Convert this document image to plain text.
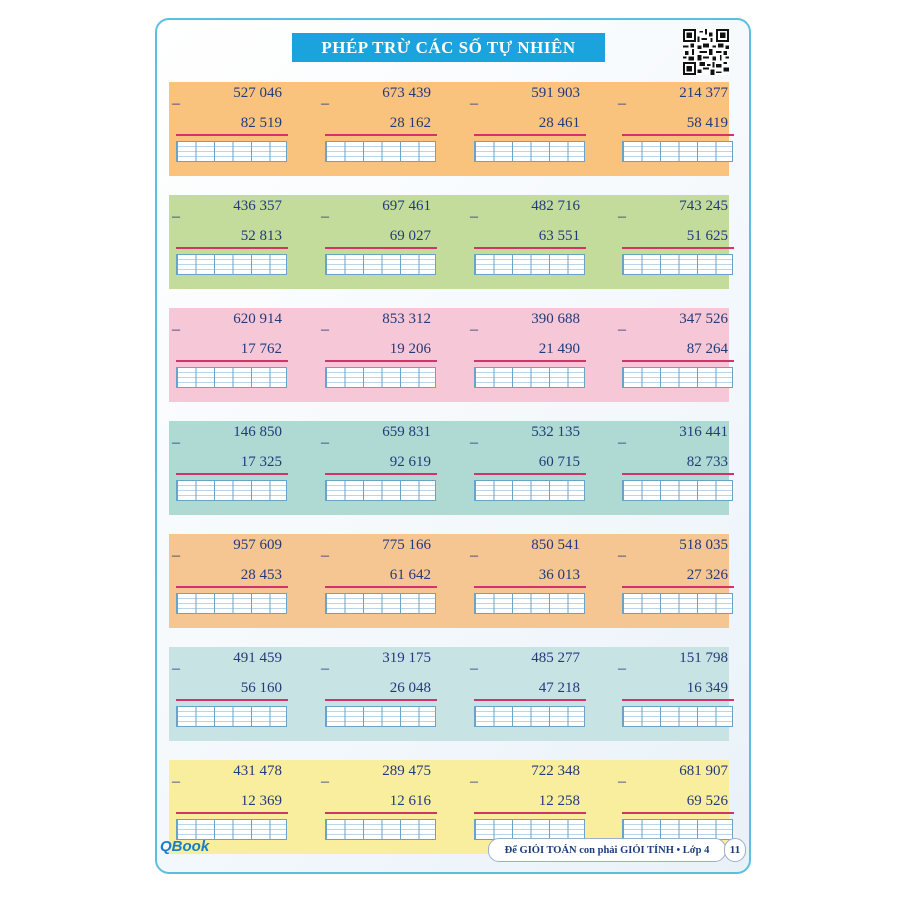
PHÉP TRỪ CÁC SỐ TỰ NHIÊN
–
527 046
82 519
–
673 439
28 162
–
591 903
28 461
–
214 377
58 419
–
436 357
52 813
–
697 461
69 027
–
482 716
63 551
–
743 245
51 625
–
620 914
17 762
–
853 312
19 206
–
390 688
21 490
–
347 526
87 264
–
146 850
17 325
–
659 831
92 619
–
532 135
60 715
–
316 441
82 733
–
957 609
28 453
–
775 166
61 642
–
850 541
36 013
–
518 035
27 326
–
491 459
56 160
–
319 175
26 048
–
485 277
47 218
–
151 798
16 349
–
431 478
12 369
–
289 475
12 616
–
722 348
12 258
–
681 907
69 526
QBook	Để GIỎI TOÁN con phải GIỎI TÍNH • Lớp 4	11
